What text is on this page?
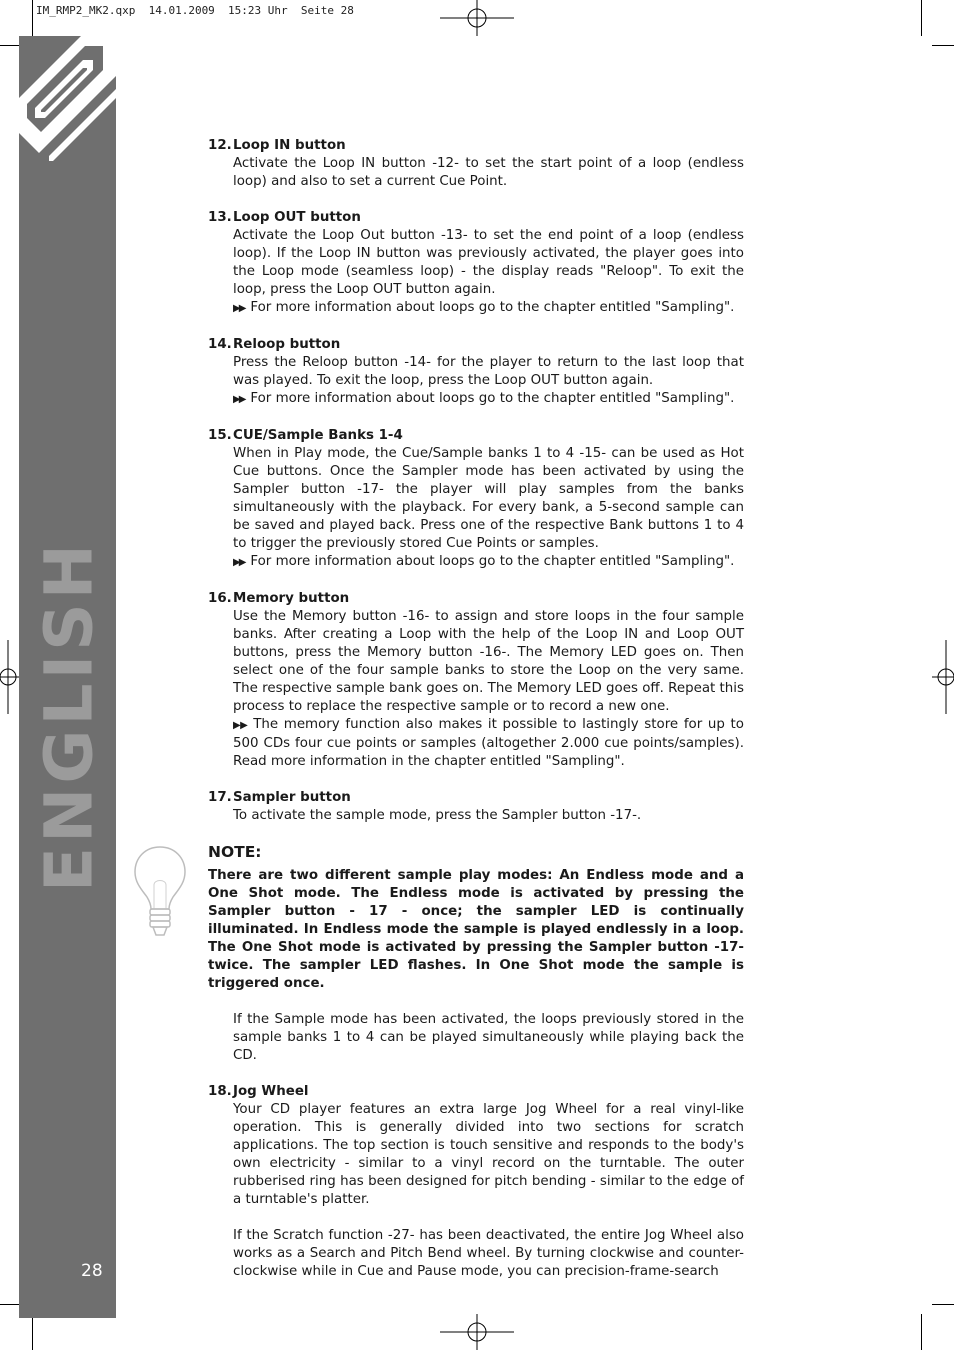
IM_RMP2_MK2.qxp  14.01.2009  15:23 Uhr  Seite 28
ENGLISH
28
12.Loop IN button

Activate the Loop IN button -12- to set the start point of a loop (endless loop) and also to set a current Cue Point.

13.Loop OUT button

Activate the Loop Out button -13- to set the end point of a loop (endless loop). If the Loop IN button was previously activated, the player goes into the Loop mode (seamless loop) - the display reads "Reloop". To exit the loop, press the Loop OUT button again.

▶▶ For more information about loops go to the chapter entitled "Sampling".

14.Reloop button

Press the Reloop button -14- for the player to return to the last loop that was played. To exit the loop, press the Loop OUT button again.

▶▶ For more information about loops go to the chapter entitled "Sampling".

15.CUE/Sample Banks 1-4

When in Play mode, the Cue/Sample banks 1 to 4 -15- can be used as Hot Cue buttons. Once the Sampler mode has been activated by using the Sampler button -17- the player will play samples from the banks simultaneously with the playback. For every bank, a 5-second sample can be saved and played back. Press one of the respective Bank buttons 1 to 4 to trigger the previously stored Cue Points or samples.

▶▶ For more information about loops go to the chapter entitled "Sampling".

16.Memory button

Use the Memory button -16- to assign and store loops in the four sample banks. After creating a Loop with the help of the Loop IN and Loop OUT buttons, press the Memory button -16-. The Memory LED goes on. Then select one of the four sample banks to store the Loop on the very same. The respective sample bank goes on. The Memory LED goes off. Repeat this process to replace the respective sample or to record a new one.

▶▶ The memory function also makes it possible to lastingly store for up to 500 CDs four cue points or samples (altogether 2.000 cue points/samples). Read more information in the chapter entitled "Sampling".

17.Sampler button

To activate the sample mode, press the Sampler button -17-.

NOTE:
There are two different sample play modes: An Endless mode and a One Shot mode. The Endless mode is activated by pressing the Sampler button - 17 - once; the sampler LED is continually illuminated. In Endless mode the sample is played endlessly in a loop. The One Shot mode is activated by pressing the Sampler button -17- twice. The sampler LED flashes. In One Shot mode the sample is triggered once.
If the Sample mode has been activated, the loops previously stored in the sample banks 1 to 4 can be played simultaneously while playing back the CD.
18.Jog Wheel

Your CD player features an extra large Jog Wheel for a real vinyl-like operation. This is generally divided into two sections for scratch applications. The top section is touch sensitive and responds to the body's own electricity - similar to a vinyl record on the turntable. The outer rubberised ring has been designed for pitch bending - similar to the edge of a turntable's platter.

If the Scratch function -27- has been deactivated, the entire Jog Wheel also works as a Search and Pitch Bend wheel. By turning clockwise and counter-clockwise while in Cue and Pause mode, you can precision-frame-search
